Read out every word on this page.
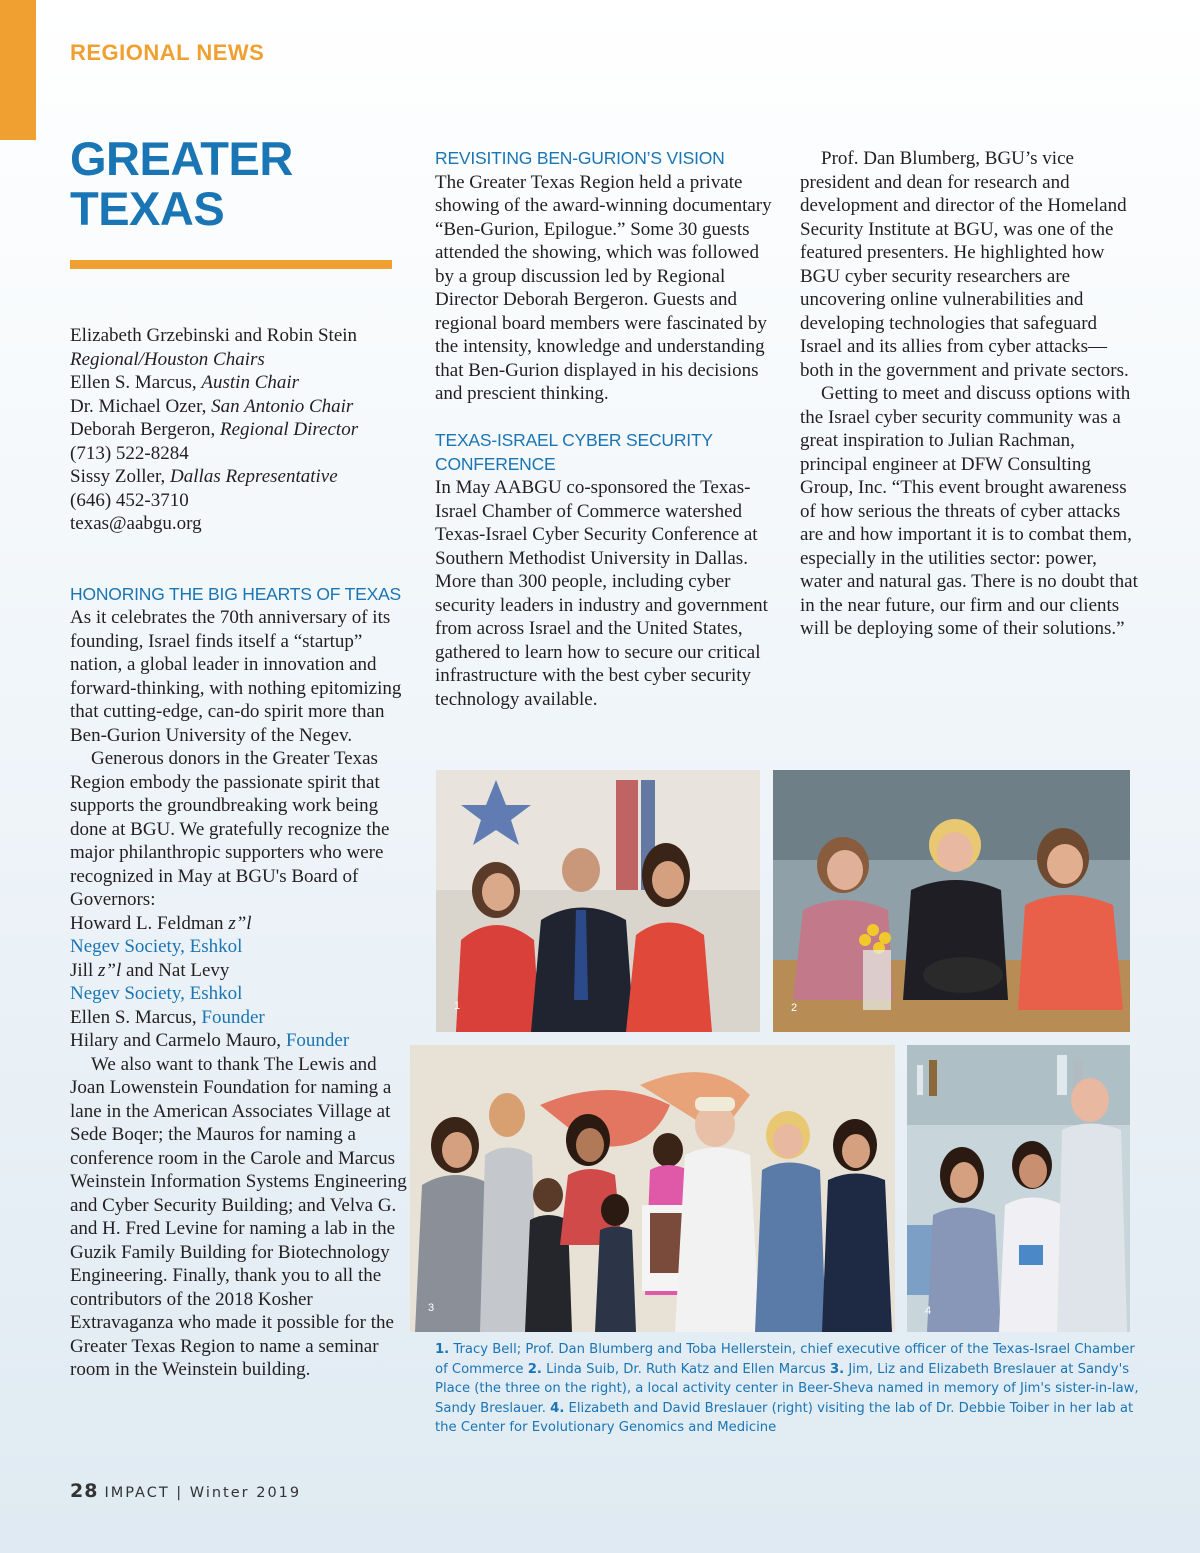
REGIONAL NEWS
GREATER
TEXAS
Elizabeth Grzebinski and Robin Stein
Regional/Houston Chairs
Ellen S. Marcus, Austin Chair
Dr. Michael Ozer, San Antonio Chair
Deborah Bergeron, Regional Director
(713) 522-8284
Sissy Zoller, Dallas Representative
(646) 452-3710
texas@aabgu.org
HONORING THE BIG HEARTS OF TEXAS

As it celebrates the 70th anniversary of its founding, Israel finds itself a “startup” nation, a global leader in innovation and forward-thinking, with nothing epitomizing that cutting-edge, can-do spirit more than Ben-Gurion University of the Negev.

Generous donors in the Greater Texas Region embody the passionate spirit that supports the groundbreaking work being done at BGU. We gratefully recognize the major philanthropic supporters who were recognized in May at BGU's Board of Governors:

Howard L. Feldman z”l
Negev Society, Eshkol
Jill z”l and Nat Levy
Negev Society, Eshkol
Ellen S. Marcus, Founder
Hilary and Carmelo Mauro, Founder

We also want to thank The Lewis and Joan Lowenstein Foundation for naming a lane in the American Associates Village at Sede Boqer; the Mauros for naming a conference room in the Carole and Marcus Weinstein Information Systems Engineering and Cyber Security Building; and Velva G. and H. Fred Levine for naming a lab in the Guzik Family Building for Biotechnology Engineering. Finally, thank you to all the contributors of the 2018 Kosher Extravaganza who made it possible for the Greater Texas Region to name a seminar room in the Weinstein building.

REVISITING BEN-GURION’S VISION

The Greater Texas Region held a private showing of the award-winning documentary “Ben-Gurion, Epilogue.” Some 30 guests attended the showing, which was followed by a group discussion led by Regional Director Deborah Bergeron. Guests and regional board members were fascinated by the intensity, knowledge and understanding that Ben-Gurion displayed in his decisions and prescient thinking.

TEXAS-ISRAEL CYBER SECURITY CONFERENCE

In May AABGU co-sponsored the Texas-Israel Chamber of Commerce watershed Texas-Israel Cyber Security Conference at Southern Methodist University in Dallas. More than 300 people, including cyber security leaders in industry and government from across Israel and the United States, gathered to learn how to secure our critical infrastructure with the best cyber security technology available.

Prof. Dan Blumberg, BGU’s vice president and dean for research and development and director of the Homeland Security Institute at BGU, was one of the featured presenters. He highlighted how BGU cyber security researchers are uncovering online vulnerabilities and developing technologies that safeguard Israel and its allies from cyber attacks—both in the government and private sectors.

Getting to meet and discuss options with the Israel cyber security community was a great inspiration to Julian Rachman, principal engineer at DFW Consulting Group, Inc. “This event brought awareness of how serious the threats of cyber attacks are and how important it is to combat them, especially in the utilities sector: power, water and natural gas. There is no doubt that in the near future, our firm and our clients will be deploying some of their solutions.”

1	2
3	4
1. Tracy Bell; Prof. Dan Blumberg and Toba Hellerstein, chief executive officer of the Texas-Israel Chamber of Commerce 2. Linda Suib, Dr. Ruth Katz and Ellen Marcus 3. Jim, Liz and Elizabeth Breslauer at Sandy's Place (the three on the right), a local activity center in Beer-Sheva named in memory of Jim's sister-in-law, Sandy Breslauer. 4. Elizabeth and David Breslauer (right) visiting the lab of Dr. Debbie Toiber in her lab at the Center for Evolutionary Genomics and Medicine
28 IMPACT | Winter 2019
